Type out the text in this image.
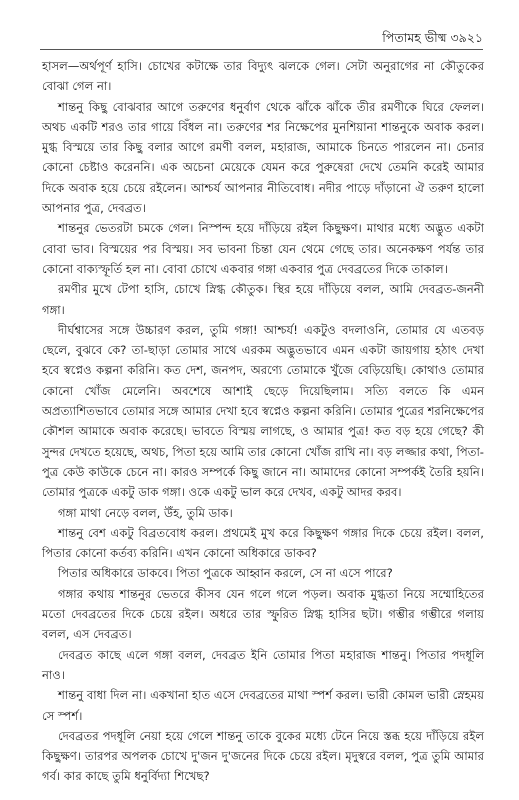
পিতামহ ভীষ্ম ৩৯২১

হাসল—অর্থপূর্ণ হাসি। চোখের কটাক্ষে তার বিদ্যুৎ ঝলকে গেল। সেটা অনুরাগের না কৌতুকের বোঝা গেল না।

শান্তনু কিছু বোঝবার আগে তরুণের ধনুর্বাণ থেকে ঝাঁকে ঝাঁকে তীর রমণীকে ঘিরে ফেলল। অথচ একটি শরও তার গায়ে বিঁধল না। তরুণের শর নিক্ষেপের মুনশিয়ানা শান্তনুকে অবাক করল। মুগ্ধ বিস্ময়ে তার কিছু বলার আগে রমণী বলল, মহারাজ, আমাকে চিনতে পারলেন না। চেনার কোনো চেষ্টাও করেননি। এক অচেনা মেয়েকে যেমন করে পুরুষেরা দেখে তেমনি করেই আমার দিকে অবাক হয়ে চেয়ে রইলেন। আশ্চর্য আপনার নীতিবোধ। নদীর পাড়ে দাঁড়ানো ঐ তরুণ হালো আপনার পুত্র, দেবব্রত।

শান্তনুর ভেতরটা চমকে গেল। নিস্পন্দ হয়ে দাঁড়িয়ে রইল কিছুক্ষণ। মাথার মধ্যে অদ্ভুত একটা বোবা ভাব। বিস্ময়ের পর বিস্ময়। সব ভাবনা চিন্তা যেন থেমে গেছে তার। অনেকক্ষণ পর্যন্ত তার কোনো বাক্যস্ফূর্তি হল না। বোবা চোখে একবার গঙ্গা একবার পুত্র দেবব্রতের দিকে তাকাল।

রমণীর মুখে টেপা হাসি, চোখে স্নিগ্ধ কৌতুক। স্থির হয়ে দাঁড়িয়ে বলল, আমি দেবব্রত-জননী গঙ্গা।

দীর্ঘশ্বাসের সঙ্গে উচ্চারণ করল, তুমি গঙ্গা! আশ্চর্য! একটুও বদলাওনি, তোমার যে এতবড় ছেলে, বুঝবে কে? তা-ছাড়া তোমার সাথে এরকম অদ্ভুতভাবে এমন একটা জায়গায় হঠাৎ দেখা হবে স্বপ্নেও কল্পনা করিনি। কত দেশ, জনপদ, অরণ্যে তোমাকে খুঁজে বেড়িয়েছি। কোথাও তোমার কোনো খোঁজ মেলেনি। অবশেষে আশাই ছেড়ে দিয়েছিলাম। সত্যি বলতে কি এমন অপ্রত্যাশিতভাবে তোমার সঙ্গে আমার দেখা হবে স্বপ্নেও কল্পনা করিনি। তোমার পুত্রের শরনিক্ষেপের কৌশল আমাকে অবাক করেছে। ভাবতে বিস্ময় লাগছে, ও আমার পুত্র! কত বড় হয়ে গেছে? কী সুন্দর দেখতে হয়েছে, অথচ, পিতা হয়ে আমি তার কোনো খোঁজ রাখি না। বড় লজ্জার কথা, পিতা-পুত্র কেউ কাউকে চেনে না। কারও সম্পর্কে কিছু জানে না। আমাদের কোনো সম্পর্কই তৈরি হয়নি। তোমার পুত্রকে একটু ডাক গঙ্গা। ওকে একটু ভাল করে দেখব, একটু আদর করব।

গঙ্গা মাথা নেড়ে বলল, উঁহ, তুমি ডাক।

শান্তনু বেশ একটু বিব্রতবোধ করল। প্রথমেই মুখ করে কিছুক্ষণ গঙ্গার দিকে চেয়ে রইল। বলল, পিতার কোনো কর্তব্য করিনি। এখন কোনো অধিকারে ডাকব?

পিতার অধিকারে ডাকবে। পিতা পুত্রকে আহ্বান করলে, সে না এসে পারে?

গঙ্গার কথায় শান্তনুর ভেতরে কীসব যেন গলে গলে পড়ল। অবাক মুগ্ধতা নিয়ে সম্মোহিতের মতো দেবব্রতের দিকে চেয়ে রইল। অধরে তার স্ফুরিত স্নিগ্ধ হাসির ছটা। গম্ভীর গম্ভীরে গলায় বলল, এস দেবব্রত।

দেবব্রত কাছে এলে গঙ্গা বলল, দেবব্রত ইনি তোমার পিতা মহারাজ শান্তনু। পিতার পদধূলি নাও।

শান্তনু বাধা দিল না। একখানা হাত এসে দেবব্রতের মাথা স্পর্শ করল। ভারী কোমল ভারী স্নেহময় সে স্পর্শ।

দেবব্রতর পদধূলি নেয়া হয়ে গেলে শান্তনু তাকে বুকের মধ্যে টেনে নিয়ে স্তব্ধ হয়ে দাঁড়িয়ে রইল কিছুক্ষণ। তারপর অপলক চোখে দু'জন দু'জনের দিকে চেয়ে রইল। মৃদুস্বরে বলল, পুত্র তুমি আমার গর্ব। কার কাছে তুমি ধনুর্বিদ্যা শিখেছ?
